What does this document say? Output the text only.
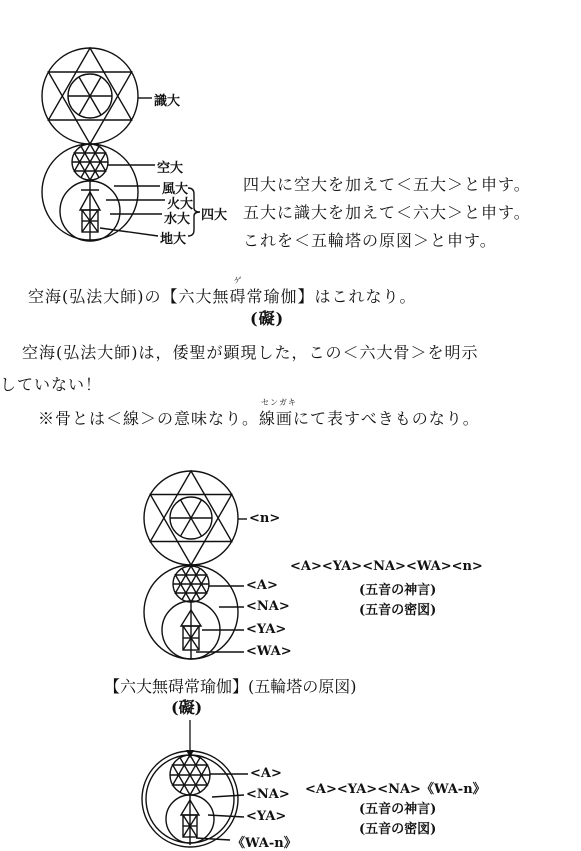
識大
空大
風大
火大
水大
地大
四大
四大に空大を加えて＜五大＞と申す。
五大に識大を加えて＜六大＞と申す。
これを＜五輪塔の原図＞と申す。
空海(弘法大師)の【六大無
ゲ
碍常瑜伽】はこれなり。
(礙)
空海(弘法大師)は，倭聖が顕現した，この＜六大骨＞を明示
していない！
※骨とは＜線＞の意味なり。
センガキ
線画にて表すべきものなり。
<n>
<A>
<NA>
<YA>
<WA>
<A><YA><NA><WA><n>
(五音の神言)
(五音の密図)
【六大無碍常瑜伽】(五輪塔の原図)
(礙)
<A>
<NA>
<YA>
《WA-n》
<A><YA><NA>《WA-n》
(五音の神言)
(五音の密図)
